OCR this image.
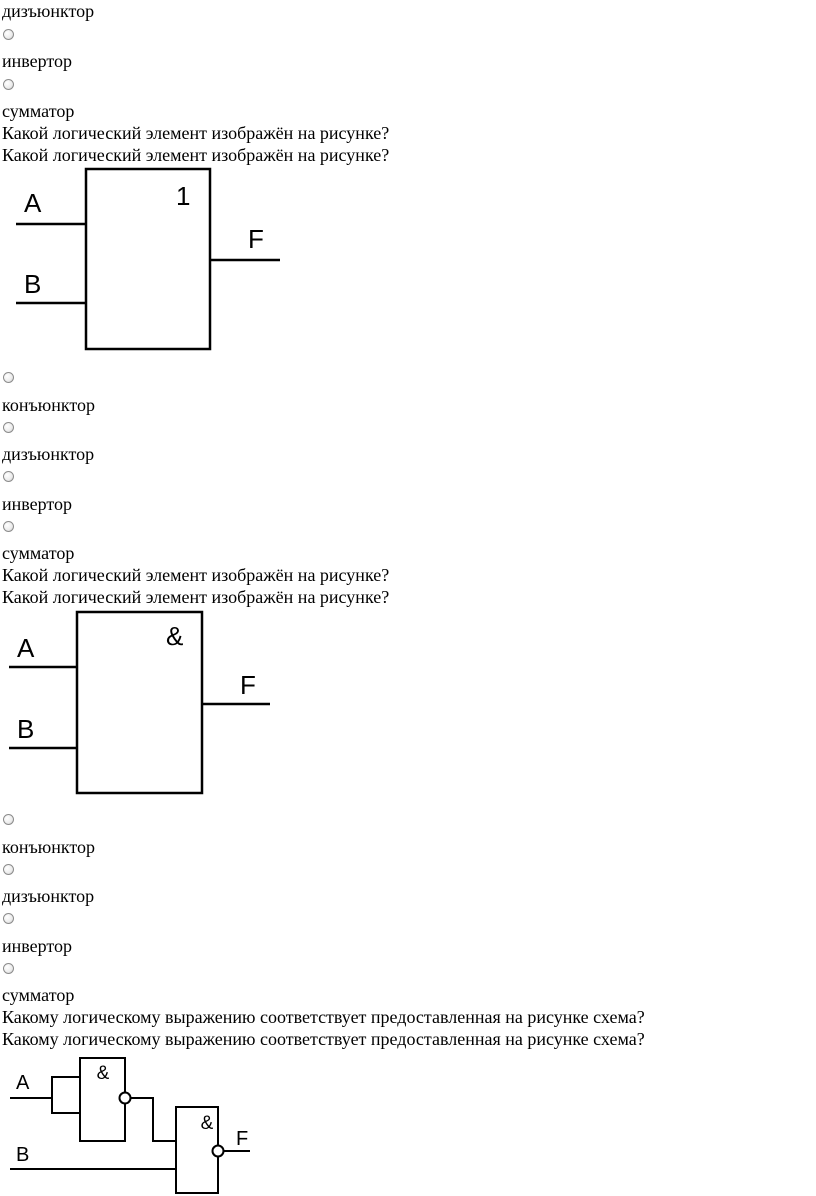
дизъюнктор
инвертор
сумматор
Какой логический элемент изображён на рисунке?
Какой логический элемент изображён на рисунке?
1
A
B
F
конъюнктор
дизъюнктор
инвертор
сумматор
Какой логический элемент изображён на рисунке?
Какой логический элемент изображён на рисунке?
&
A
B
F
конъюнктор
дизъюнктор
инвертор
сумматор
Какому логическому выражению соответствует предоставленная на рисунке схема?
Какому логическому выражению соответствует предоставленная на рисунке схема?
&
A
&
F
B
